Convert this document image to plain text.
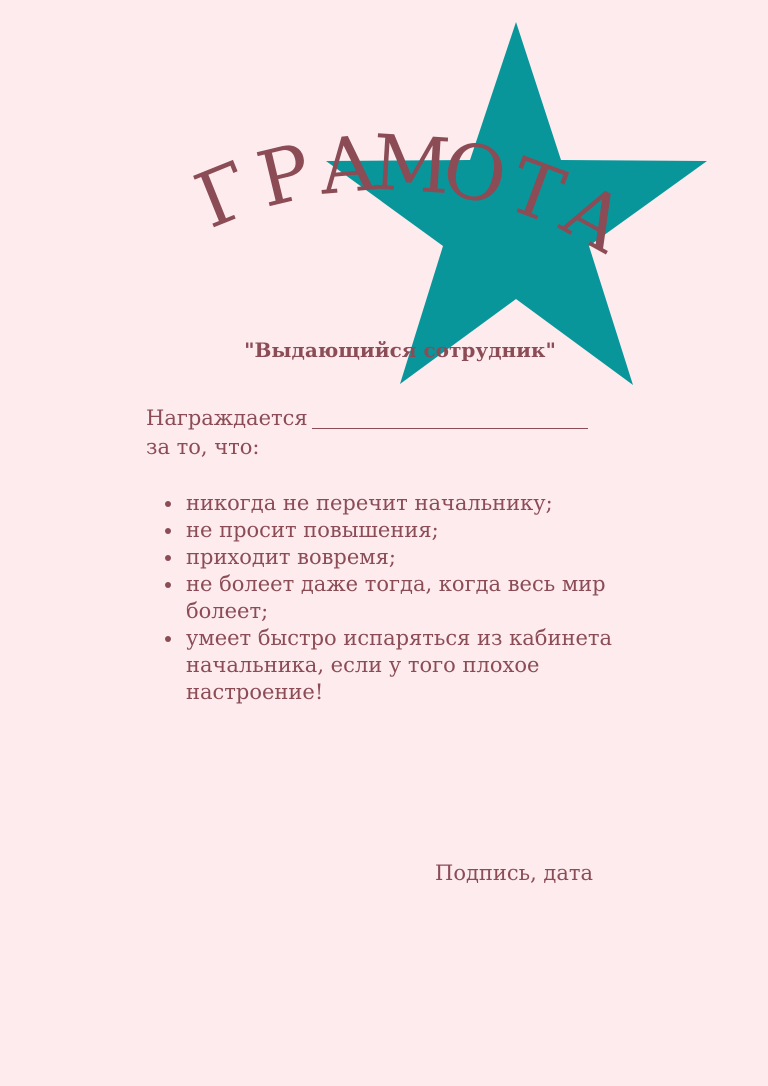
Г
Р
А
М
О
Т
А
"Выдающийся сотрудник"
Награждается
за то, что:
никогда не перечит начальнику;
не просит повышения;
приходит вовремя;
не болеет даже тогда, когда весь мир болеет;
умеет быстро испаряться из кабинета начальника, если у того плохое настроение!
Подпись, дата
